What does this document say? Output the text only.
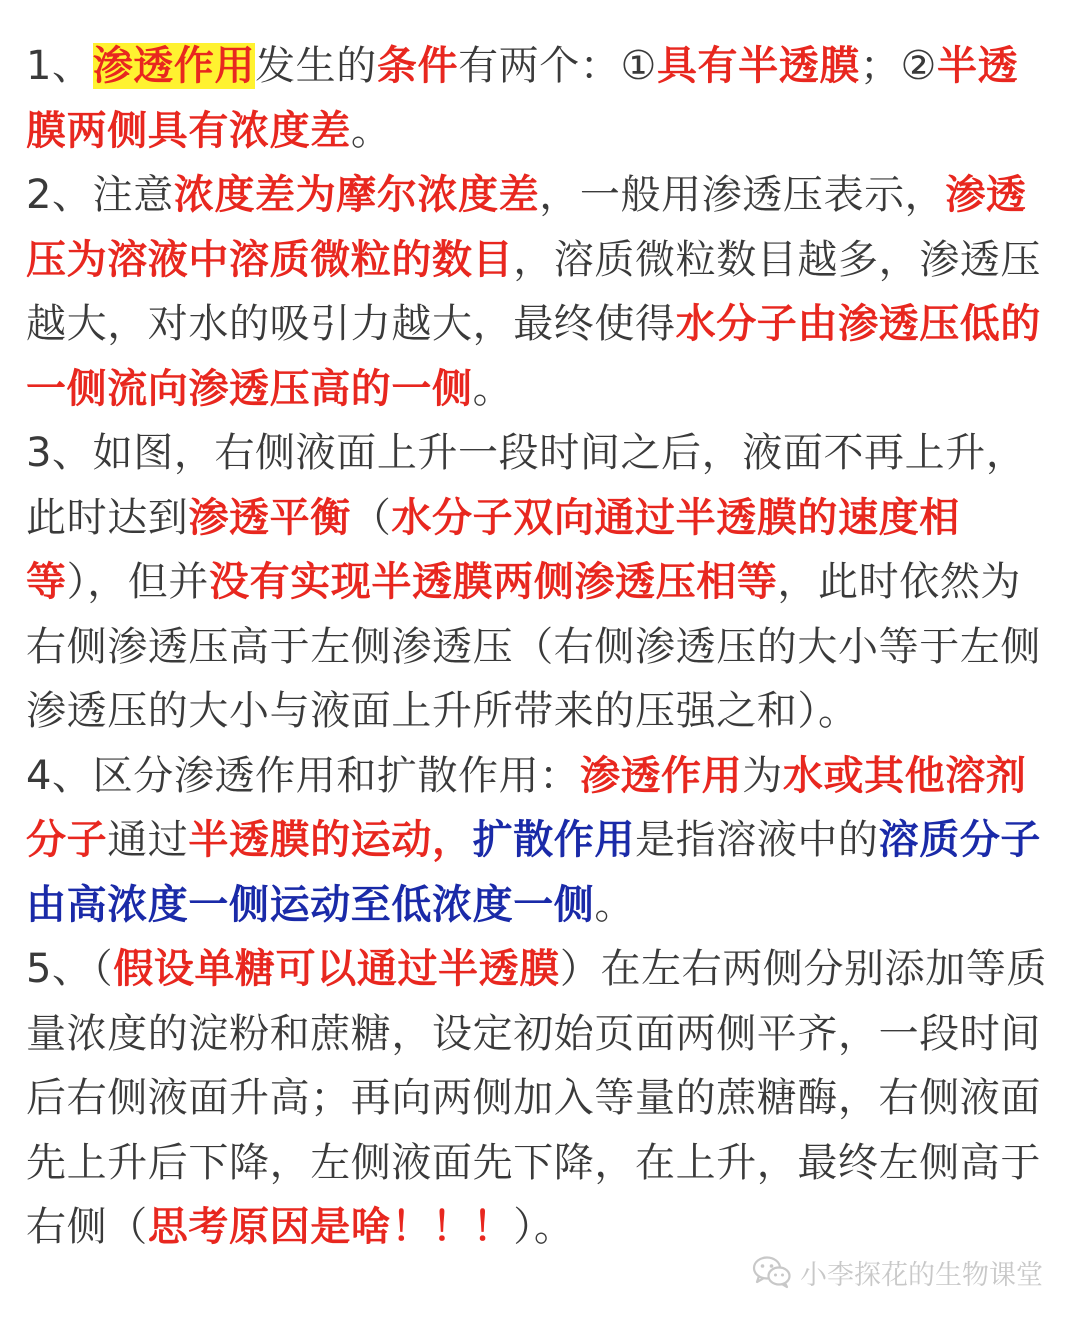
1、渗透作用发生的条件有两个：①具有半透膜；②半透膜两侧具有浓度差。

2、注意浓度差为摩尔浓度差，一般用渗透压表示，渗透压为溶液中溶质微粒的数目，溶质微粒数目越多，渗透压越大，对水的吸引力越大，最终使得水分子由渗透压低的一侧流向渗透压高的一侧。

3、如图，右侧液面上升一段时间之后，液面不再上升，此时达到渗透平衡（水分子双向通过半透膜的速度相等），但并没有实现半透膜两侧渗透压相等，此时依然为右侧渗透压高于左侧渗透压（右侧渗透压的大小等于左侧渗透压的大小与液面上升所带来的压强之和）。

4、区分渗透作用和扩散作用：渗透作用为水或其他溶剂分子通过半透膜的运动，扩散作用是指溶液中的溶质分子由高浓度一侧运动至低浓度一侧。

5、（假设单糖可以通过半透膜）在左右两侧分别添加等质量浓度的淀粉和蔗糖，设定初始页面两侧平齐，一段时间后右侧液面升高；再向两侧加入等量的蔗糖酶，右侧液面先上升后下降，左侧液面先下降，在上升，最终左侧高于右侧（思考原因是啥！！！）。

小李探花的生物课堂
